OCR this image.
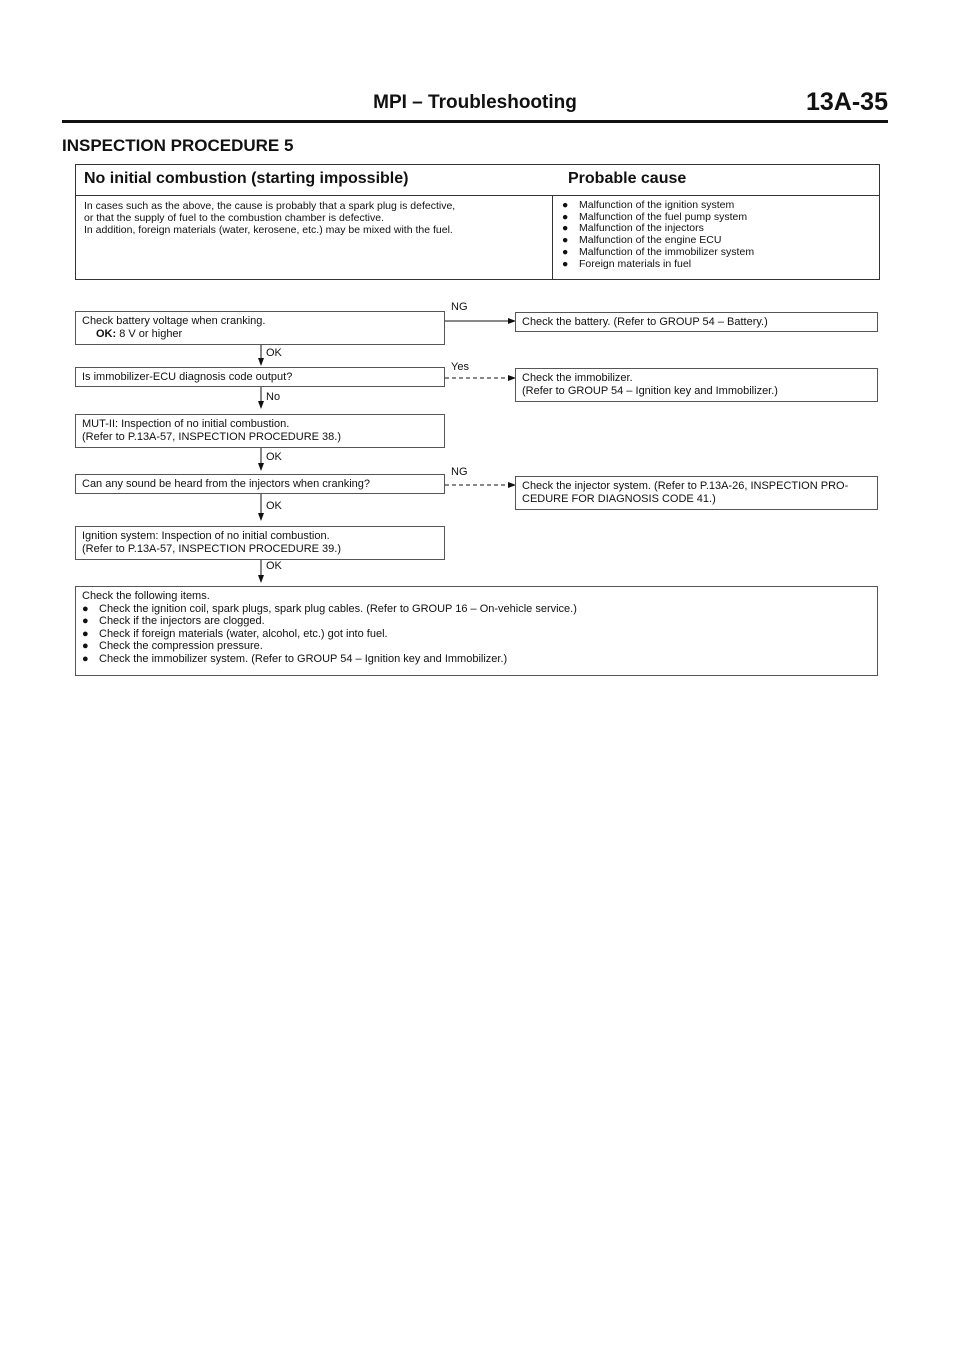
MPI – Troubleshooting	13A-35
INSPECTION PROCEDURE 5
No initial combustion (starting impossible)	Probable cause
In cases such as the above, the cause is probably that a spark plug is defective,
or that the supply of fuel to the combustion chamber is defective.
In addition, foreign materials (water, kerosene, etc.) may be mixed with the fuel.
● Malfunction of the ignition system
● Malfunction of the fuel pump system
● Malfunction of the injectors
● Malfunction of the engine ECU
● Malfunction of the immobilizer system
● Foreign materials in fuel
Check battery voltage when cranking.
OK: 8 V or higher
NG
Check the battery. (Refer to GROUP 54 – Battery.)
OK
Is immobilizer-ECU diagnosis code output?
Yes
Check the immobilizer.
(Refer to GROUP 54 – Ignition key and Immobilizer.)
No
MUT-II: Inspection of no initial combustion.
(Refer to P.13A-57, INSPECTION PROCEDURE 38.)
OK
Can any sound be heard from the injectors when cranking?
NG
Check the injector system. (Refer to P.13A-26, INSPECTION PRO-
CEDURE FOR DIAGNOSIS CODE 41.)
OK
Ignition system: Inspection of no initial combustion.
(Refer to P.13A-57, INSPECTION PROCEDURE 39.)
OK
Check the following items.
● Check the ignition coil, spark plugs, spark plug cables. (Refer to GROUP 16 – On-vehicle service.)
● Check if the injectors are clogged.
● Check if foreign materials (water, alcohol, etc.) got into fuel.
● Check the compression pressure.
● Check the immobilizer system. (Refer to GROUP 54 – Ignition key and Immobilizer.)
